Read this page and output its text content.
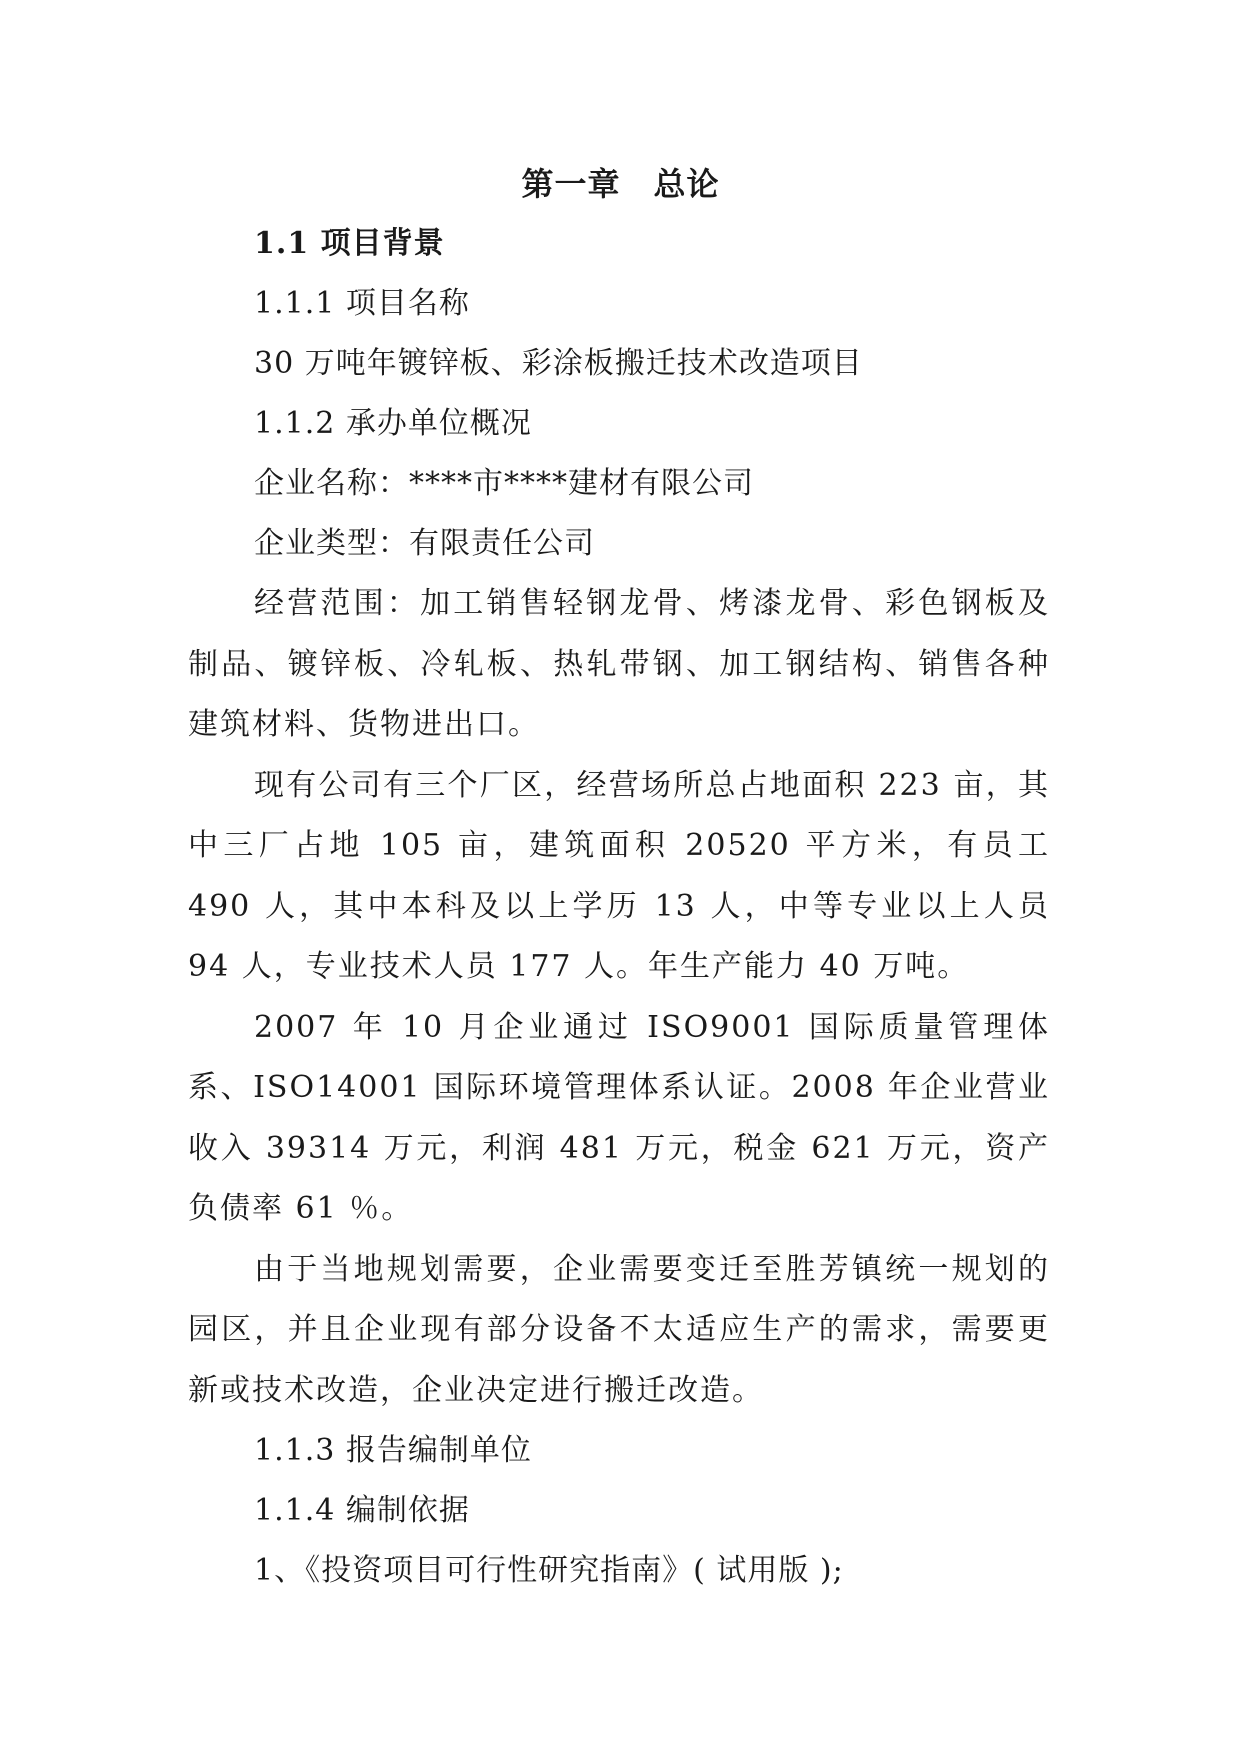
第一章　总论
1.1 项目背景
1.1.1 项目名称
30 万吨年镀锌板、彩涂板搬迁技术改造项目
1.1.2 承办单位概况
企业名称：****市****建材有限公司
企业类型：有限责任公司

经营范围：加工销售轻钢龙骨、烤漆龙骨、彩色钢板及制品、镀锌板、冷轧板、热轧带钢、加工钢结构、销售各种建筑材料、货物进出口。

现有公司有三个厂区，经营场所总占地面积 223 亩，其中三厂占地 105 亩，建筑面积 20520 平方米，有员工 490 人，其中本科及以上学历 13 人，中等专业以上人员 94 人，专业技术人员 177 人。年生产能力 40 万吨。

2007 年 10 月企业通过 ISO9001 国际质量管理体系、ISO14001 国际环境管理体系认证。2008 年企业营业收入 39314 万元，利润 481 万元，税金 621 万元，资产负债率 61 ％。

由于当地规划需要，企业需要变迁至胜芳镇统一规划的园区，并且企业现有部分设备不太适应生产的需求，需要更新或技术改造，企业决定进行搬迁改造。

1.1.3 报告编制单位
1.1.4 编制依据
1、《投资项目可行性研究指南》( 试用版 );
